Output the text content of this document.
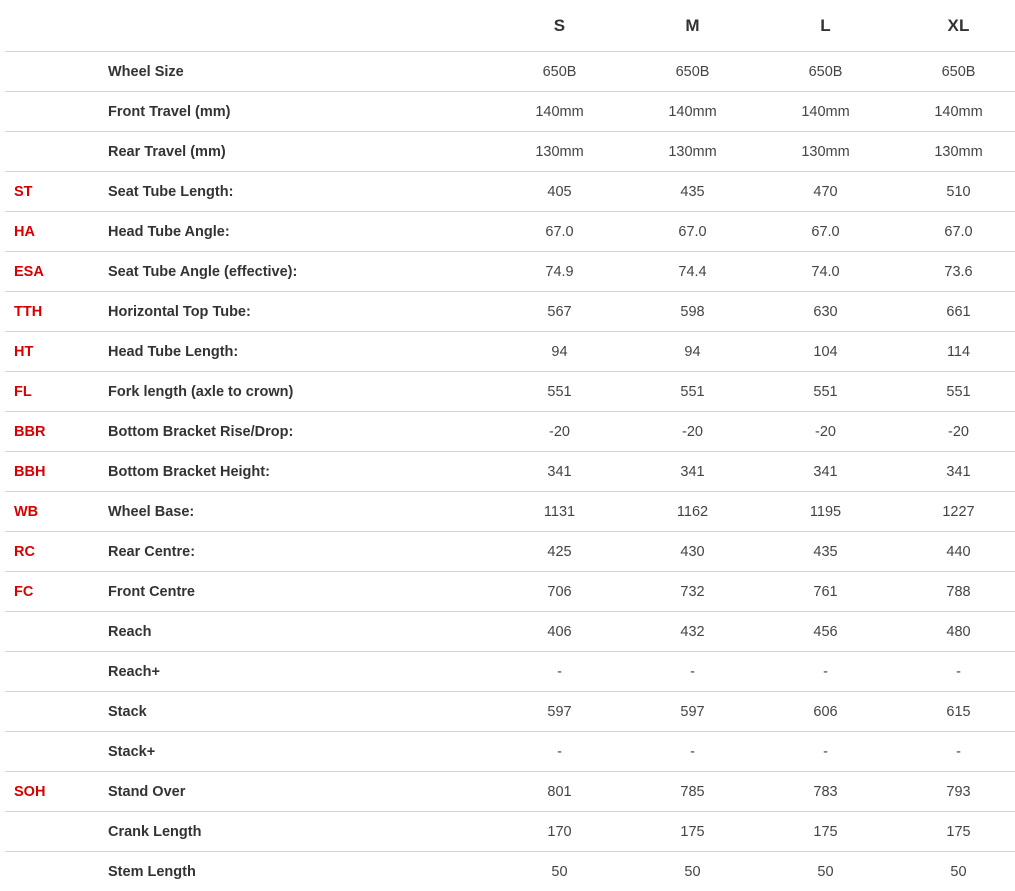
		S	M	L	XL
	Wheel Size	650B	650B	650B	650B
	Front Travel (mm)	140mm	140mm	140mm	140mm
	Rear Travel (mm)	130mm	130mm	130mm	130mm
ST	Seat Tube Length:	405	435	470	510
HA	Head Tube Angle:	67.0	67.0	67.0	67.0
ESA	Seat Tube Angle (effective):	74.9	74.4	74.0	73.6
TTH	Horizontal Top Tube:	567	598	630	661
HT	Head Tube Length:	94	94	104	114
FL	Fork length (axle to crown)	551	551	551	551
BBR	Bottom Bracket Rise/Drop:	-20	-20	-20	-20
BBH	Bottom Bracket Height:	341	341	341	341
WB	Wheel Base:	1131	1162	1195	1227
RC	Rear Centre:	425	430	435	440
FC	Front Centre	706	732	761	788
	Reach	406	432	456	480
	Reach+	-	-	-	-
	Stack	597	597	606	615
	Stack+	-	-	-	-
SOH	Stand Over	801	785	783	793
	Crank Length	170	175	175	175
	Stem Length	50	50	50	50
